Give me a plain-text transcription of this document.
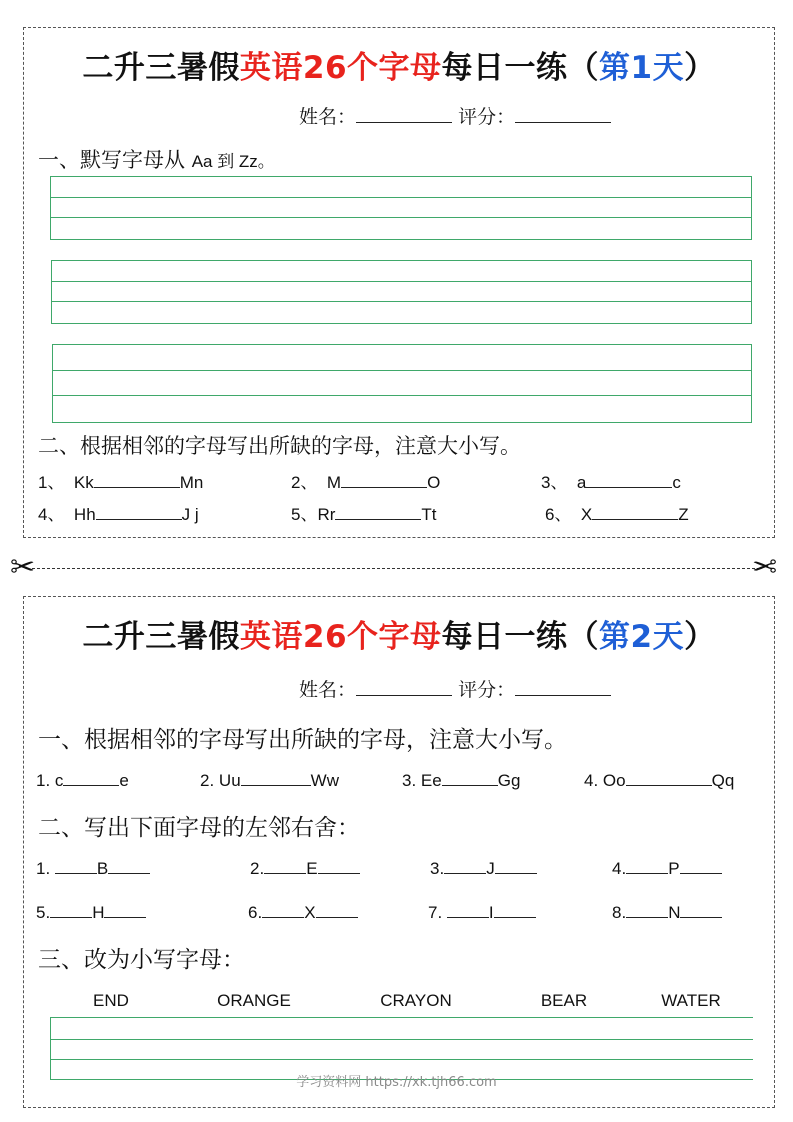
二升三暑假英语26个字母每日一练（第1天）
姓名：	评分：
一、默写字母从 Aa 到 Zz。
二、根据相邻的字母写出所缺的字母，注意大小写。
1、 Kk	Mn	2、 M	O	3、 a	c
4、 Hh	J j	5、Rr	Tt	6、 X	Z
✂	✂
二升三暑假英语26个字母每日一练（第2天）
姓名：	评分：
一、根据相邻的字母写出所缺的字母，注意大小写。
1. c	e	2. Uu	Ww	3. Ee	Gg	4. Oo	Qq
二、写出下面字母的左邻右舍：
1.	B	2. E	3. J	4. P
5. H	6. X	7.	I	8. N
三、改为小写字母：
END	ORANGE	CRAYON	BEAR	WATER
学习资料网 https://xk.tjh66.com
